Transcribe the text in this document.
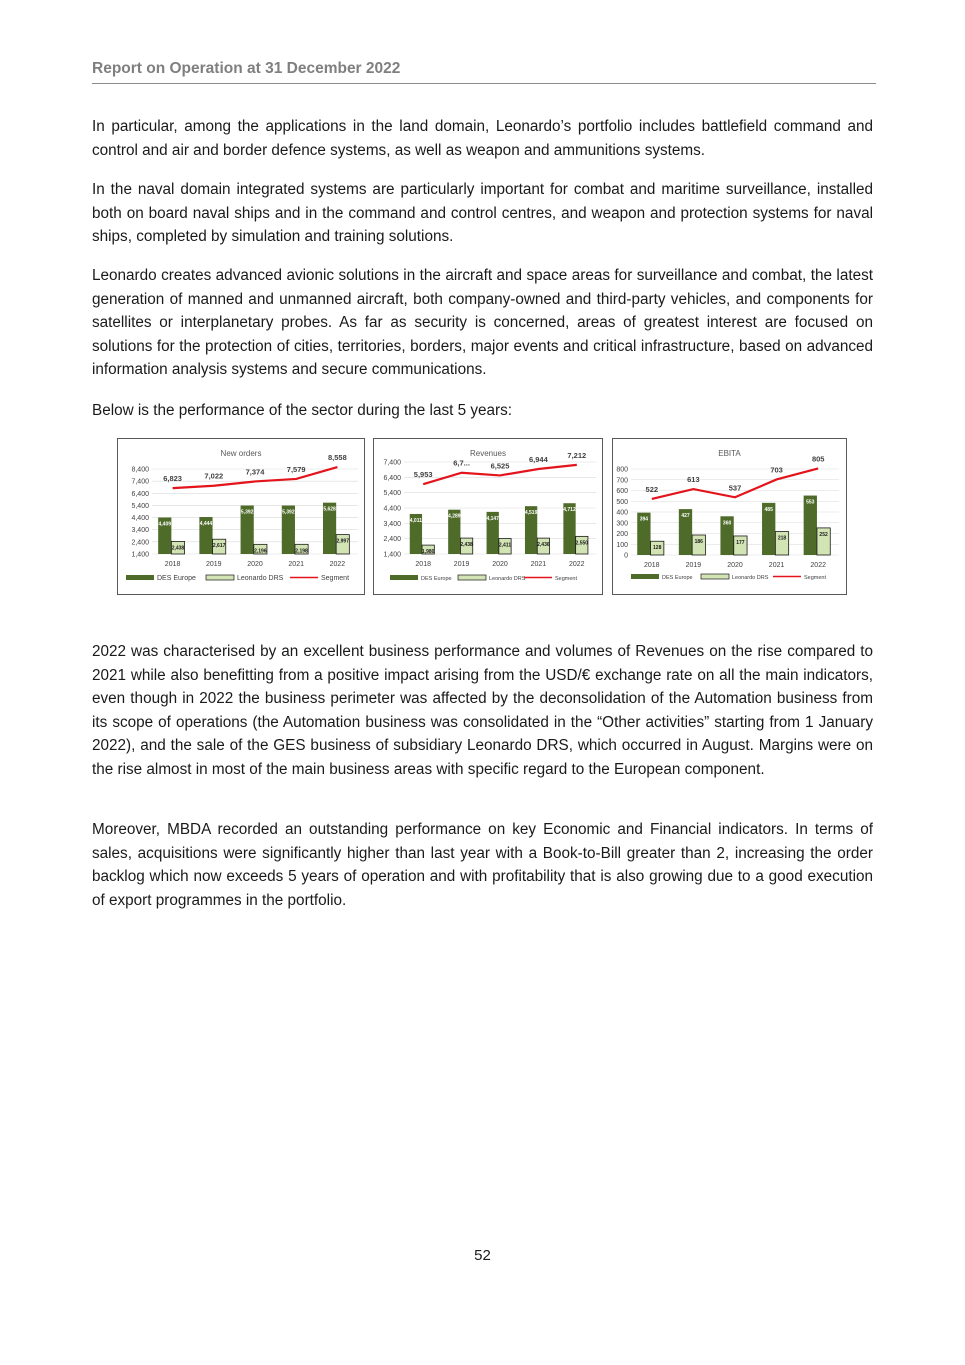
Report on Operation at 31 December 2022

In particular, among the applications in the land domain, Leonardo’s portfolio includes battlefield command and control and air and border defence systems, as well as weapon and ammunitions systems.

In the naval domain integrated systems are particularly important for combat and maritime surveillance, installed both on board naval ships and in the command and control centres, and weapon and protection systems for naval ships, completed by simulation and training solutions.

Leonardo creates advanced avionic solutions in the aircraft and space areas for surveillance and combat, the latest generation of manned and unmanned aircraft, both company-owned and third-party vehicles, and components for satellites or interplanetary probes. As far as security is concerned, areas of greatest interest are focused on solutions for the protection of cities, territories, borders, major events and critical infrastructure, based on advanced information analysis systems and secure communications.

Below is the performance of the sector during the last 5 years:

New orders
1,400
2,400
3,400
4,400
5,400
6,400
7,400
8,400
4,409
2,438
2018
4,444
2,617
2019
5,392
2,196
2020
5,392
2,198
2021
5,628
2,997
2022
6,823	7,022	7,374	7,579
8,558
DES Europe	Leonardo DRS	Segment
Revenues
1,400
2,400
3,400
4,400
5,400
6,400
7,400
4,011
1,980
2018
4,289
2,438
2019
4,147
2,411
2020
4,519
2,436
2021
4,712
2,550
2022
5,953
6,7...	6,525
6,944	7,212
DES Europe	Leonardo DRS	Segment
EBITA
0
100
200
300
400
500
600
700
800
394
128
2018
427
186
2019
360
177
2020
485
218
2021
553
252
2022
522
613
537
703
805
DES Europe	Leonardo DRS	Segment

2022 was characterised by an excellent business performance and volumes of Revenues on the rise compared to 2021 while also benefitting from a positive impact arising from the USD/€ exchange rate on all the main indicators, even though in 2022 the business perimeter was affected by the deconsolidation of the Automation business from its scope of operations (the Automation business was consolidated in the “Other activities” starting from 1 January 2022), and the sale of the GES business of subsidiary Leonardo DRS, which occurred in August. Margins were on the rise almost in most of the main business areas with specific regard to the European component.

Moreover, MBDA recorded an outstanding performance on key Economic and Financial indicators. In terms of sales, acquisitions were significantly higher than last year with a Book-to-Bill greater than 2, increasing the order backlog which now exceeds 5 years of operation and with profitability that is also growing due to a good execution of export programmes in the portfolio.

52
